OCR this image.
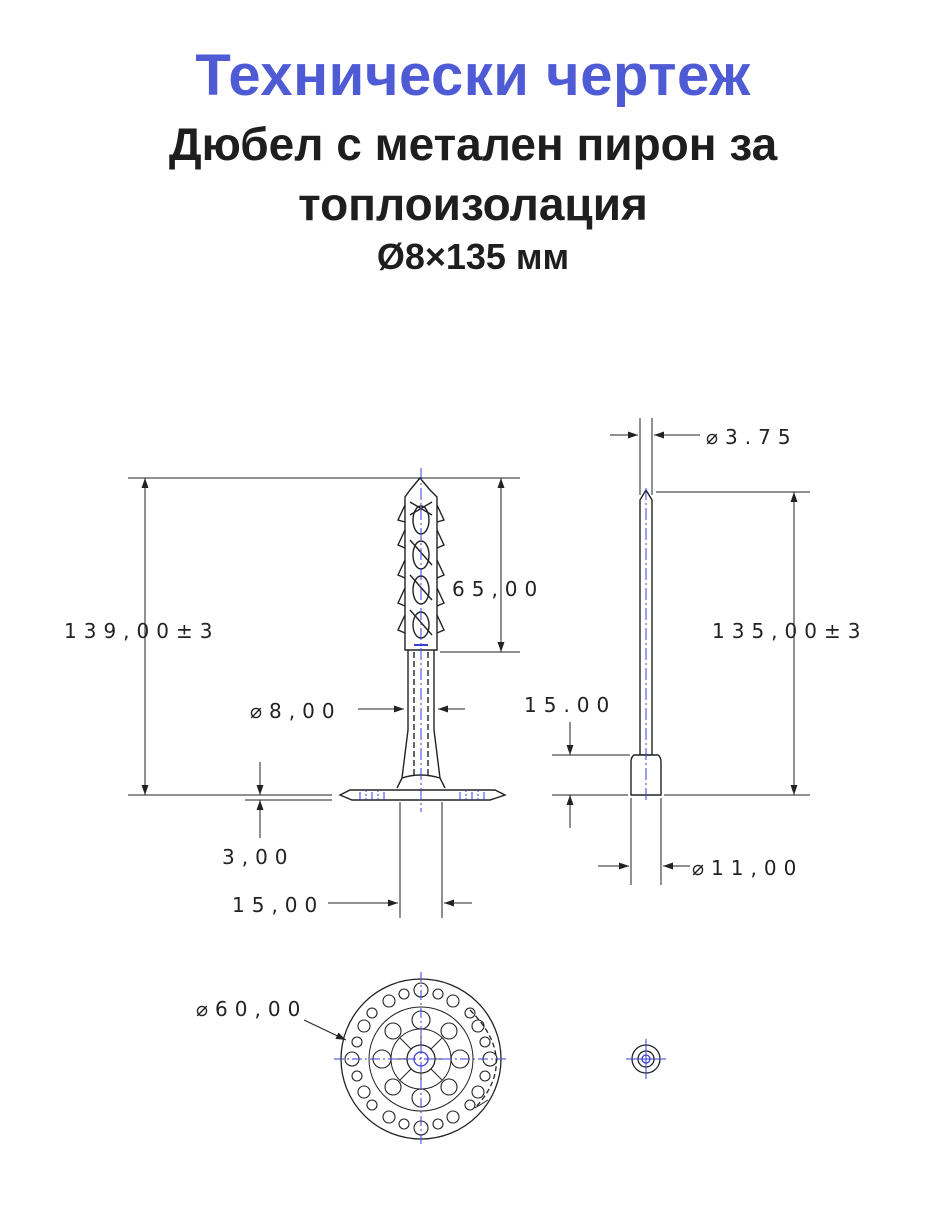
Технически чертеж
Дюбел с метален пирон за топлоизолация
Ø8×135 мм
139,00±3
65,00
⌀8,00
3,00
15,00
⌀3.75
135,00±3
15.00
⌀11,00
⌀60,00
